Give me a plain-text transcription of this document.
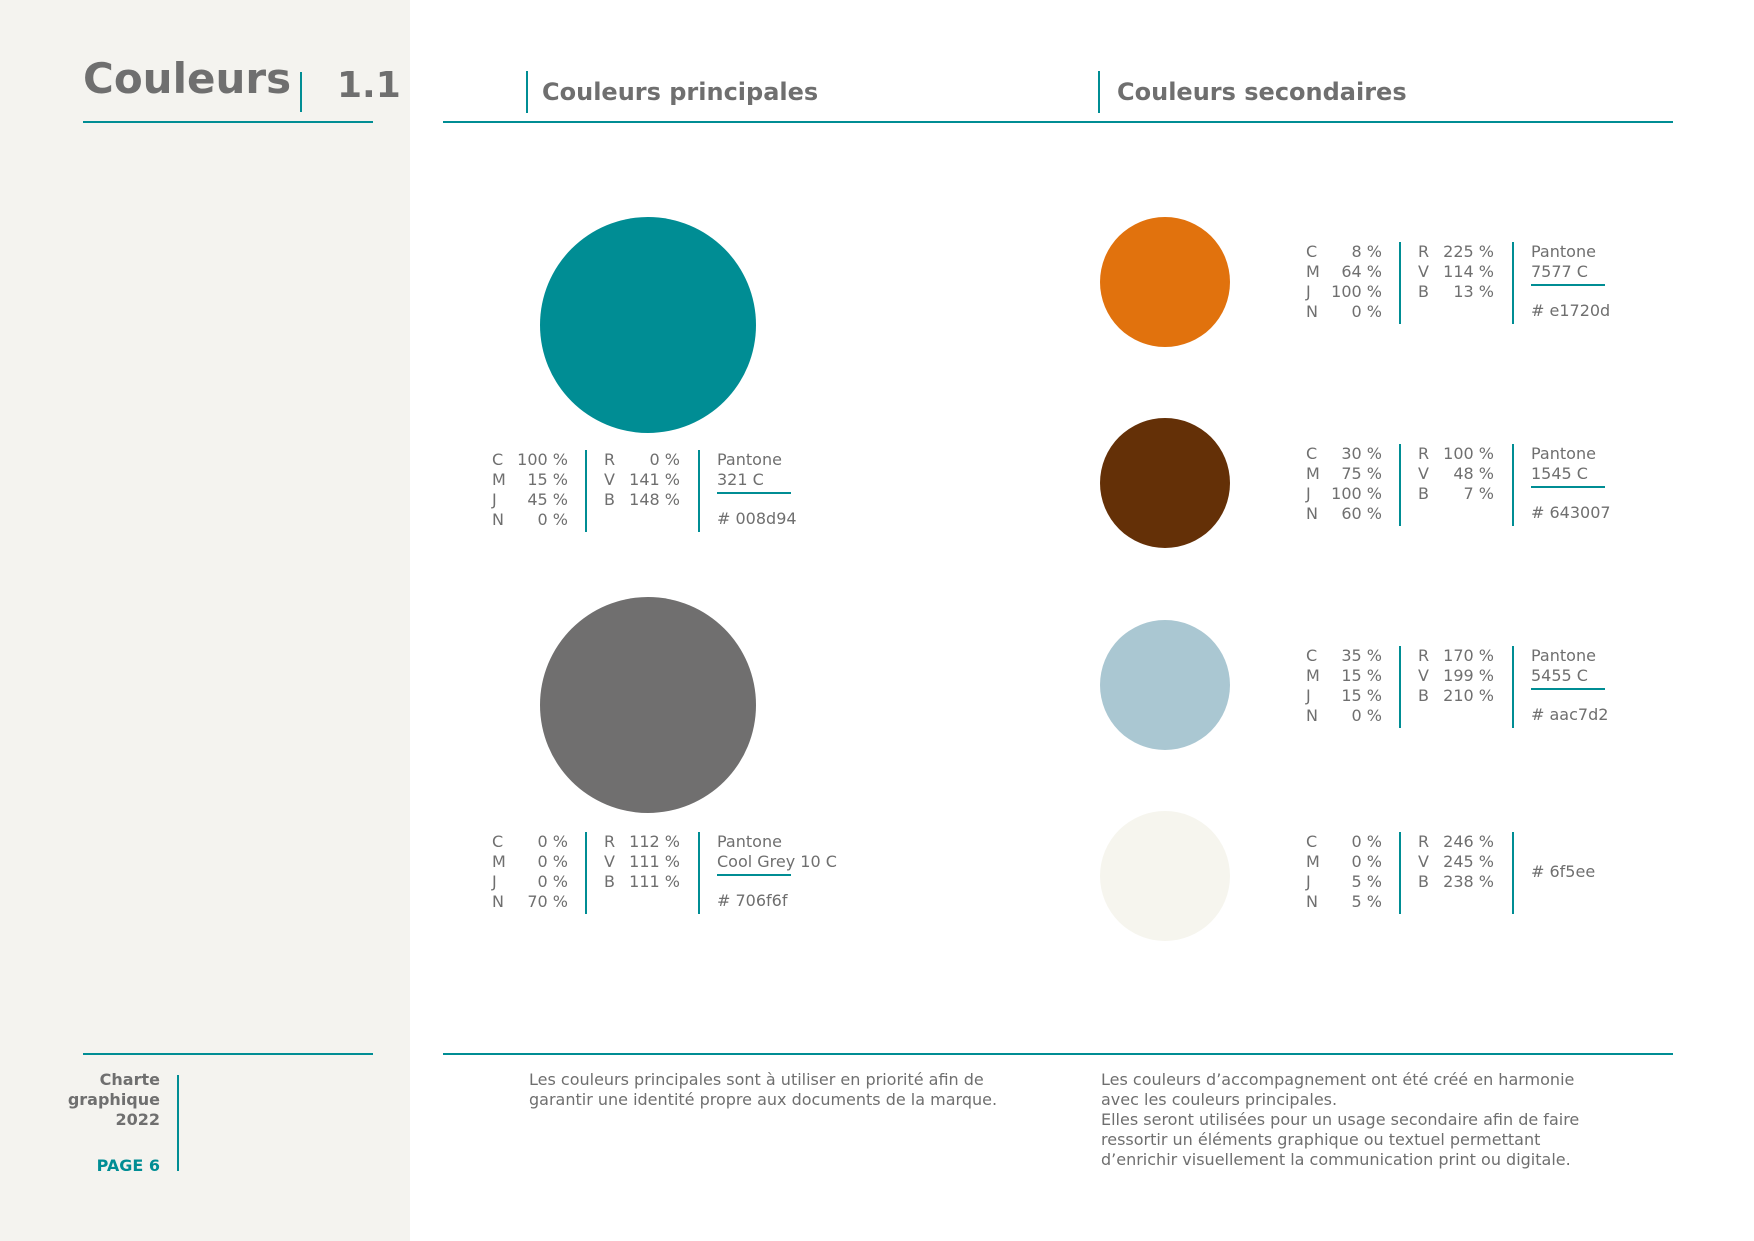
Couleurs 1.1	Couleurs principales	Couleurs secondaires
C
M
J
N
100 %
15 %
45 %
0 %
R
V
B
0 %
141 %
148 %
Pantone
321 C
# 008d94
C
M
J
N
0 %
0 %
0 %
70 %
R
V
B
112 %
111 %
111 %
Pantone
Cool Grey 10 C
# 706f6f
C
M
J
N
8 %
64 %
100 %
0 %
R
V
B
225 %
114 %
13 %
Pantone
7577 C
# e1720d
C
M
J
N
30 %
75 %
100 %
60 %
R
V
B
100 %
48 %
7 %
Pantone
1545 C
# 643007
C
M
J
N
35 %
15 %
15 %
0 %
R
V
B
170 %
199 %
210 %
Pantone
5455 C
# aac7d2
C
M
J
N
0 %
0 %
5 %
5 %
R
V
B
246 %
245 %
238 %
# 6f5ee
Charte
graphique
2022
PAGE 6
Les couleurs principales sont à utiliser en priorité afin de
garantir une identité propre aux documents de la marque.
Les couleurs d’accompagnement ont été créé en harmonie
avec les couleurs principales.
Elles seront utilisées pour un usage secondaire afin de faire
ressortir un éléments graphique ou textuel permettant
d’enrichir visuellement la communication print ou digitale.
